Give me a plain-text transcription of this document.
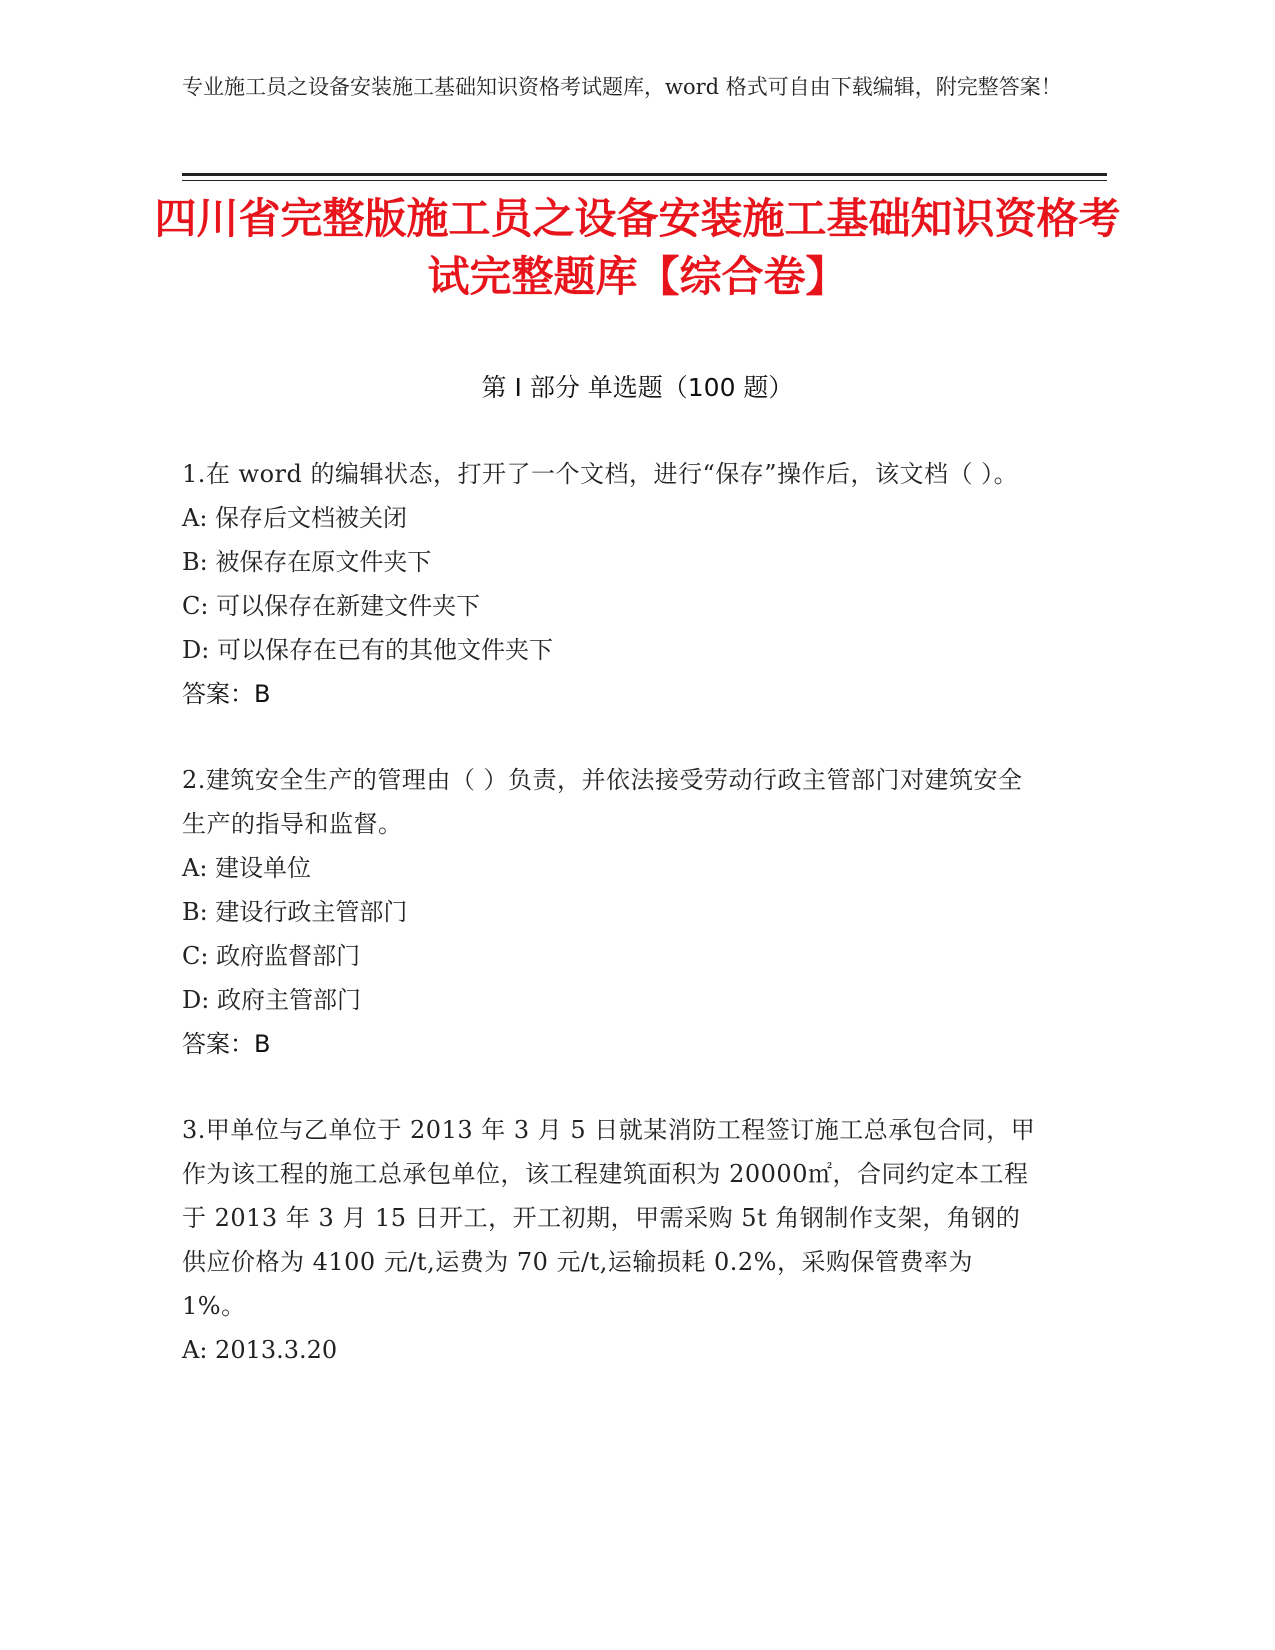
专业施工员之设备安装施工基础知识资格考试题库，word 格式可自由下载编辑，附完整答案！
四川省完整版施工员之设备安装施工基础知识资格考试完整题库【综合卷】
第 I 部分 单选题（100 题）
1.在 word 的编辑状态，打开了一个文档，进行“保存”操作后，该文档（ ）。
A: 保存后文档被关闭
B: 被保存在原文件夹下
C: 可以保存在新建文件夹下
D: 可以保存在已有的其他文件夹下
答案：B
2.建筑安全生产的管理由（ ）负责，并依法接受劳动行政主管部门对建筑安全生产的指导和监督。
A: 建设单位
B: 建设行政主管部门
C: 政府监督部门
D: 政府主管部门
答案：B
3.甲单位与乙单位于 2013 年 3 月 5 日就某消防工程签订施工总承包合同，甲作为该工程的施工总承包单位，该工程建筑面积为 20000㎡，合同约定本工程于 2013 年 3 月 15 日开工，开工初期，甲需采购 5t 角钢制作支架，角钢的供应价格为 4100 元/t,运费为 70 元/t,运输损耗 0.2%，采购保管费率为 1%。
A: 2013.3.20
